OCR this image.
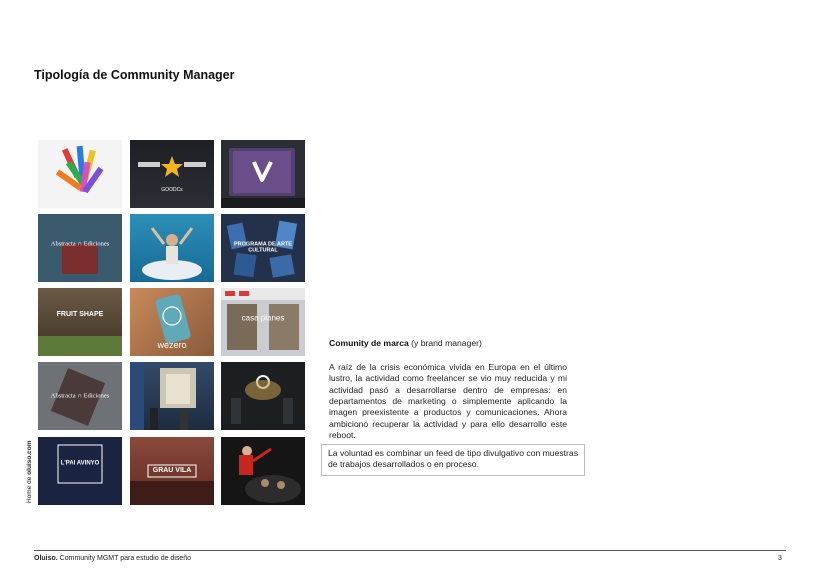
Tipología de Community Manager
GOODCs
Abstracta ∩ Ediciones	PROGRAMA DE ARTE CULTURAL
FRUIT SHAPE
wezero
casa planes
Abstracta ∩ Ediciones
L'PAI AVINYO
GRAU VILA
Home de oluiso.com
Comunity de marca (y brand manager)

A raíz de la crisis económica vivida en Europa en el último lustro, la actividad como freelancer se vio muy reducida y mi actividad pasó a desarrollarse dentro de empresas: en departamentos de marketing o simplemente aplicando la imagen preexistente a productos y comunicaciones. Ahora ambiciono recuperar la actividad y para ello desarrollo este reboot.

La voluntad es combinar un feed de tipo divulgativo con muestras de trabajos desarrollados o en proceso.
Oluiso. Community MGMT para estudio de diseño	3
